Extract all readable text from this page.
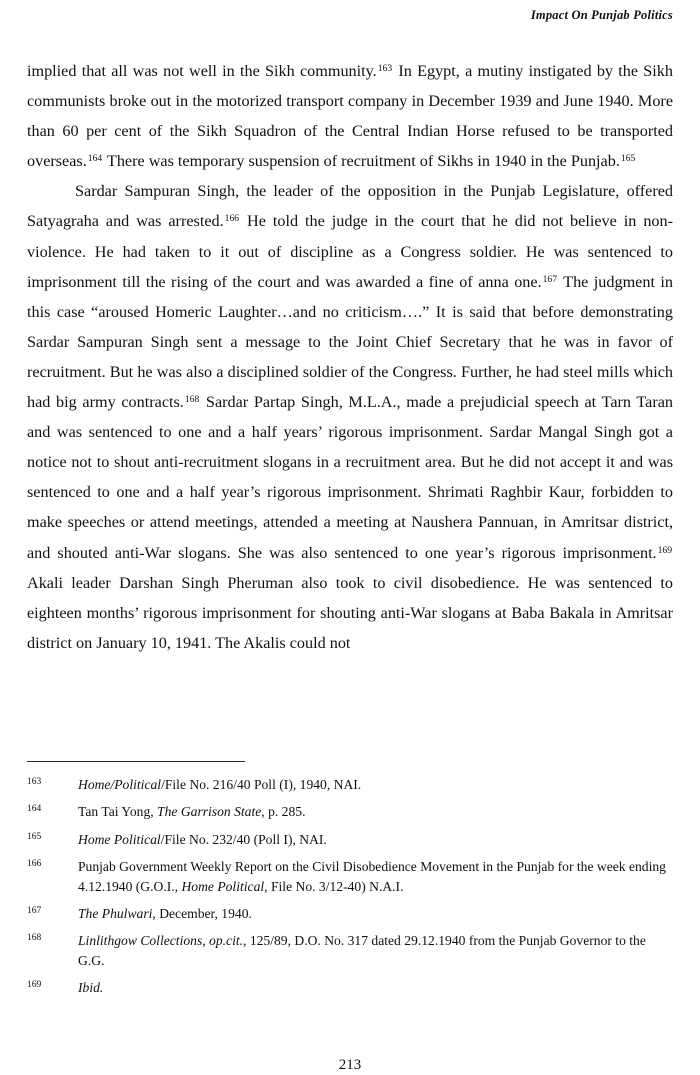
Impact On Punjab Politics

implied that all was not well in the Sikh community.$^{163}$ In Egypt, a mutiny instigated by the Sikh communists broke out in the motorized transport company in December 1939 and June 1940. More than 60 per cent of the Sikh Squadron of the Central Indian Horse refused to be transported overseas.$^{164}$ There was temporary suspension of recruitment of Sikhs in 1940 in the Punjab.$^{165}$

Sardar Sampuran Singh, the leader of the opposition in the Punjab Legislature, offered Satyagraha and was arrested.$^{166}$ He told the judge in the court that he did not believe in non-violence. He had taken to it out of discipline as a Congress soldier. He was sentenced to imprisonment till the rising of the court and was awarded a fine of anna one.$^{167}$ The judgment in this case “aroused Homeric Laughter…and no criticism….” It is said that before demonstrating Sardar Sampuran Singh sent a message to the Joint Chief Secretary that he was in favor of recruitment. But he was also a disciplined soldier of the Congress. Further, he had steel mills which had big army contracts.$^{168}$ Sardar Partap Singh, M.L.A., made a prejudicial speech at Tarn Taran and was sentenced to one and a half years’ rigorous imprisonment. Sardar Mangal Singh got a notice not to shout anti-recruitment slogans in a recruitment area. But he did not accept it and was sentenced to one and a half year’s rigorous imprisonment. Shrimati Raghbir Kaur, forbidden to make speeches or attend meetings, attended a meeting at Naushera Pannuan, in Amritsar district, and shouted anti-War slogans. She was also sentenced to one year’s rigorous imprisonment.$^{169}$ Akali leader Darshan Singh Pheruman also took to civil disobedience. He was sentenced to eighteen months’ rigorous imprisonment for shouting anti-War slogans at Baba Bakala in Amritsar district on January 10, 1941. The Akalis could not

163	Home/Political/File No. 216/40 Poll (I), 1940, NAI.
164	Tan Tai Yong, The Garrison State, p. 285.
165	Home Political/File No. 232/40 (Poll I), NAI.
166	Punjab Government Weekly Report on the Civil Disobedience Movement in the Punjab for the week ending 4.12.1940 (G.O.I., Home Political, File No. 3/12-40) N.A.I.
167	The Phulwari, December, 1940.
168	Linlithgow Collections, op.cit., 125/89, D.O. No. 317 dated 29.12.1940 from the Punjab Governor to the G.G.
169	Ibid.
213
